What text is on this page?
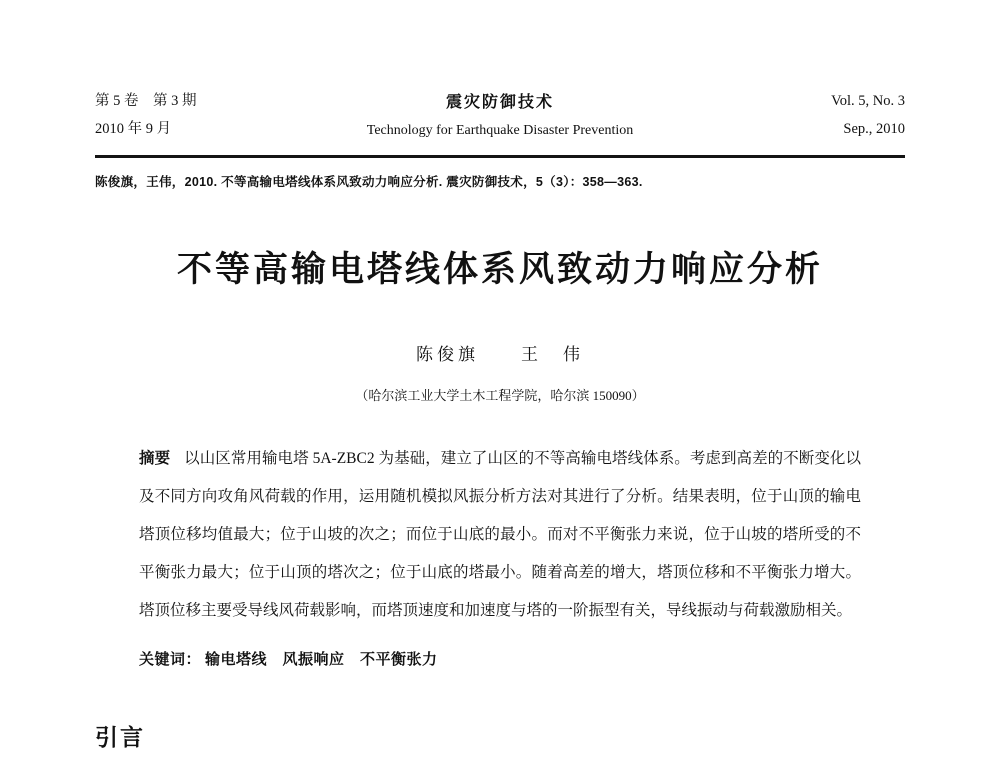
第 5 卷　第 3 期
2010 年 9 月
震灾防御技术
Technology for Earthquake Disaster Prevention
Vol. 5, No. 3
Sep., 2010
陈俊旗，王伟，2010. 不等高输电塔线体系风致动力响应分析. 震灾防御技术，5（3）：358—363.
不等高输电塔线体系风致动力响应分析
陈俊旗　　王　伟
（哈尔滨工业大学土木工程学院，哈尔滨 150090）
摘要 以山区常用输电塔 5A-ZBC2 为基础，建立了山区的不等高输电塔线体系。考虑到高差的不断变化以及不同方向攻角风荷载的作用，运用随机模拟风振分析方法对其进行了分析。结果表明，位于山顶的输电塔顶位移均值最大；位于山坡的次之；而位于山底的最小。而对不平衡张力来说，位于山坡的塔所受的不平衡张力最大；位于山顶的塔次之；位于山底的塔最小。随着高差的增大，塔顶位移和不平衡张力增大。塔顶位移主要受导线风荷载影响，而塔顶速度和加速度与塔的一阶振型有关，导线振动与荷载激励相关。
关键词： 输电塔线　风振响应　不平衡张力
引言
